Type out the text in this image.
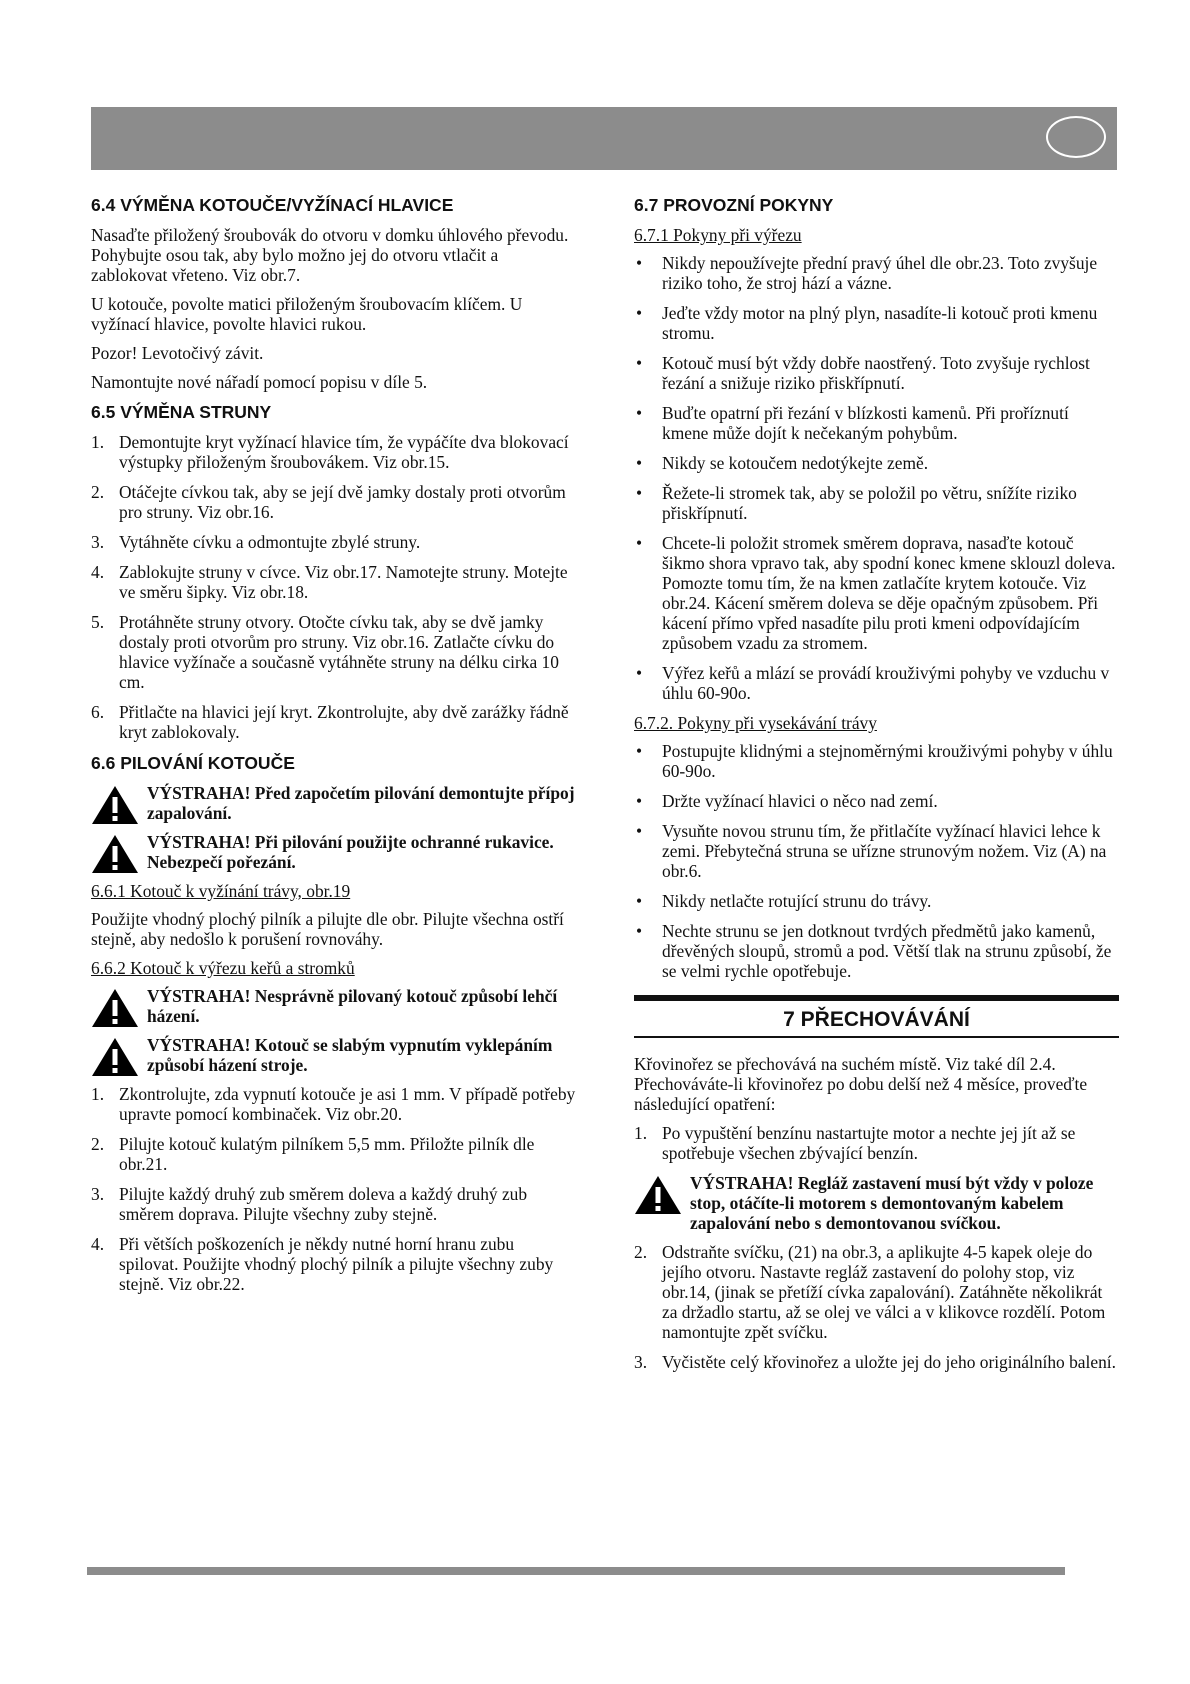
6.4 VÝMĚNA KOTOUČE/VYŽÍNACÍ HLAVICE

Nasaďte přiložený šroubovák do otvoru v domku úhlového převodu. Pohybujte osou tak, aby bylo možno jej do otvoru vtlačit a zablokovat vřeteno. Viz obr.7.

U kotouče, povolte matici přiloženým šroubovacím klíčem. U vyžínací hlavice, povolte hlavici rukou.

Pozor! Levotočivý závit.

Namontujte nové nářadí pomocí popisu v díle 5.

6.5 VÝMĚNA STRUNY
1. Demontujte kryt vyžínací hlavice tím, že vypáčíte dva blokovací výstupky přiloženým šroubovákem. Viz obr.15.
2. Otáčejte cívkou tak, aby se její dvě jamky dostaly proti otvorům pro struny. Viz obr.16.
3. Vytáhněte cívku a odmontujte zbylé struny.
4. Zablokujte struny v cívce. Viz obr.17. Namotejte struny. Motejte ve směru šipky. Viz obr.18.
5. Protáhněte struny otvory. Otočte cívku tak, aby se dvě jamky dostaly proti otvorům pro struny. Viz obr.16. Zatlačte cívku do hlavice vyžínače a současně vytáhněte struny na délku cirka 10 cm.
6. Přitlačte na hlavici její kryt. Zkontrolujte, aby dvě zarážky řádně kryt zablokovaly.
6.6 PILOVÁNÍ KOTOUČE
VÝSTRAHA! Před započetím pilování demontujte přípoj zapalování.
VÝSTRAHA! Při pilování použijte ochranné rukavice. Nebezpečí pořezání.

6.6.1 Kotouč k vyžínání trávy, obr.19

Použijte vhodný plochý pilník a pilujte dle obr. Pilujte všechna ostří stejně, aby nedošlo k porušení rovnováhy.

6.6.2 Kotouč k výřezu keřů a stromků

VÝSTRAHA! Nesprávně pilovaný kotouč způsobí lehčí házení.
VÝSTRAHA! Kotouč se slabým vypnutím vyklepáním způsobí házení stroje.
1. Zkontrolujte, zda vypnutí kotouče je asi 1 mm. V případě potřeby upravte pomocí kombinaček. Viz obr.20.
2. Pilujte kotouč kulatým pilníkem 5,5 mm. Přiložte pilník dle obr.21.
3. Pilujte každý druhý zub směrem doleva a každý druhý zub směrem doprava. Pilujte všechny zuby stejně.
4. Při větších poškozeních je někdy nutné horní hranu zubu spilovat. Použijte vhodný plochý pilník a pilujte všechny zuby stejně. Viz obr.22.
6.7 PROVOZNÍ POKYNY

6.7.1 Pokyny při výřezu

• Nikdy nepoužívejte přední pravý úhel dle obr.23. Toto zvyšuje riziko toho, že stroj hází a vázne.
• Jeďte vždy motor na plný plyn, nasadíte-li kotouč proti kmenu stromu.
• Kotouč musí být vždy dobře naostřený. Toto zvyšuje rychlost řezání a snižuje riziko přiskřípnutí.
• Buďte opatrní při řezání v blízkosti kamenů. Při proříznutí kmene může dojít k nečekaným pohybům.
• Nikdy se kotoučem nedotýkejte země.
• Řežete-li stromek tak, aby se položil po větru, snížíte riziko přiskřípnutí.
• Chcete-li položit stromek směrem doprava, nasaďte kotouč šikmo shora vpravo tak, aby spodní konec kmene sklouzl doleva. Pomozte tomu tím, že na kmen zatlačíte krytem kotouče. Viz obr.24. Kácení směrem doleva se děje opačným způsobem. Při kácení přímo vpřed nasadíte pilu proti kmeni odpovídajícím způsobem vzadu za stromem.
• Výřez keřů a mlází se provádí krouživými pohyby ve vzduchu v úhlu 60-90o.

6.7.2. Pokyny při vysekávání trávy

• Postupujte klidnými a stejnoměrnými krouživými pohyby v úhlu 60-90o.
• Držte vyžínací hlavici o něco nad zemí.
• Vysuňte novou strunu tím, že přitlačíte vyžínací hlavici lehce k zemi. Přebytečná struna se uřízne strunovým nožem. Viz (A) na obr.6.
• Nikdy netlačte rotující strunu do trávy.
• Nechte strunu se jen dotknout tvrdých předmětů jako kamenů, dřevěných sloupů, stromů a pod. Větší tlak na strunu způsobí, že se velmi rychle opotřebuje.
7 PŘECHOVÁVÁNÍ

Křovinořez se přechovává na suchém místě. Viz také díl 2.4. Přechováváte-li křovinořez po dobu delší než 4 měsíce, proveďte následující opatření:

1. Po vypuštění benzínu nastartujte motor a nechte jej jít až se spotřebuje všechen zbývající benzín.
VÝSTRAHA! Regláž zastavení musí být vždy v poloze stop, otáčíte-li motorem s demontovaným kabelem zapalování nebo s demontovanou svíčkou.
2. Odstraňte svíčku, (21) na obr.3, a aplikujte 4-5 kapek oleje do jejího otvoru. Nastavte regláž zastavení do polohy stop, viz obr.14, (jinak se přetíží cívka zapalování). Zatáhněte několikrát za držadlo startu, až se olej ve válci a v klikovce rozdělí. Potom namontujte zpět svíčku.
3. Vyčistěte celý křovinořez a uložte jej do jeho originálního balení.
